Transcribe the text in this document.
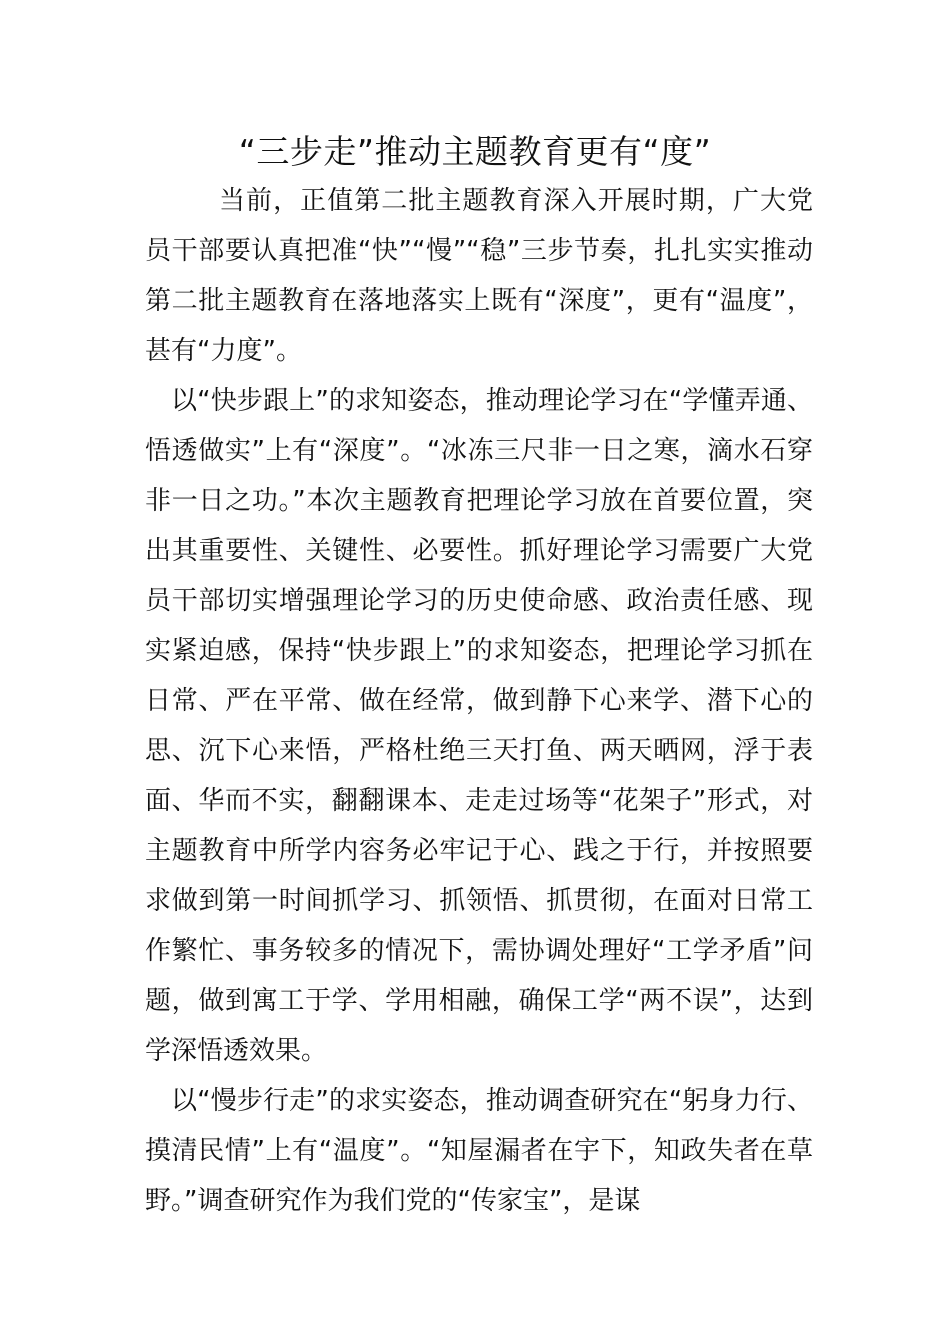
“三步走”推动主题教育更有“度”

当前，正值第二批主题教育深入开展时期，广大党员干部要认真把准“快”“慢”“稳”三步节奏，扎扎实实推动第二批主题教育在落地落实上既有“深度”，更有“温度”，甚有“力度”。

以“快步跟上”的求知姿态，推动理论学习在“学懂弄通、悟透做实”上有“深度”。“冰冻三尺非一日之寒，滴水石穿非一日之功。”本次主题教育把理论学习放在首要位置，突出其重要性、关键性、必要性。抓好理论学习需要广大党员干部切实增强理论学习的历史使命感、政治责任感、现实紧迫感，保持“快步跟上”的求知姿态，把理论学习抓在日常、严在平常、做在经常，做到静下心来学、潜下心的思、沉下心来悟，严格杜绝三天打鱼、两天晒网，浮于表面、华而不实，翻翻课本、走走过场等“花架子”形式，对主题教育中所学内容务必牢记于心、践之于行，并按照要求做到第一时间抓学习、抓领悟、抓贯彻，在面对日常工作繁忙、事务较多的情况下，需协调处理好“工学矛盾”问题，做到寓工于学、学用相融，确保工学“两不误”，达到学深悟透效果。

以“慢步行走”的求实姿态，推动调查研究在“躬身力行、摸清民情”上有“温度”。“知屋漏者在宇下，知政失者在草野。”调查研究作为我们党的“传家宝”，是谋
